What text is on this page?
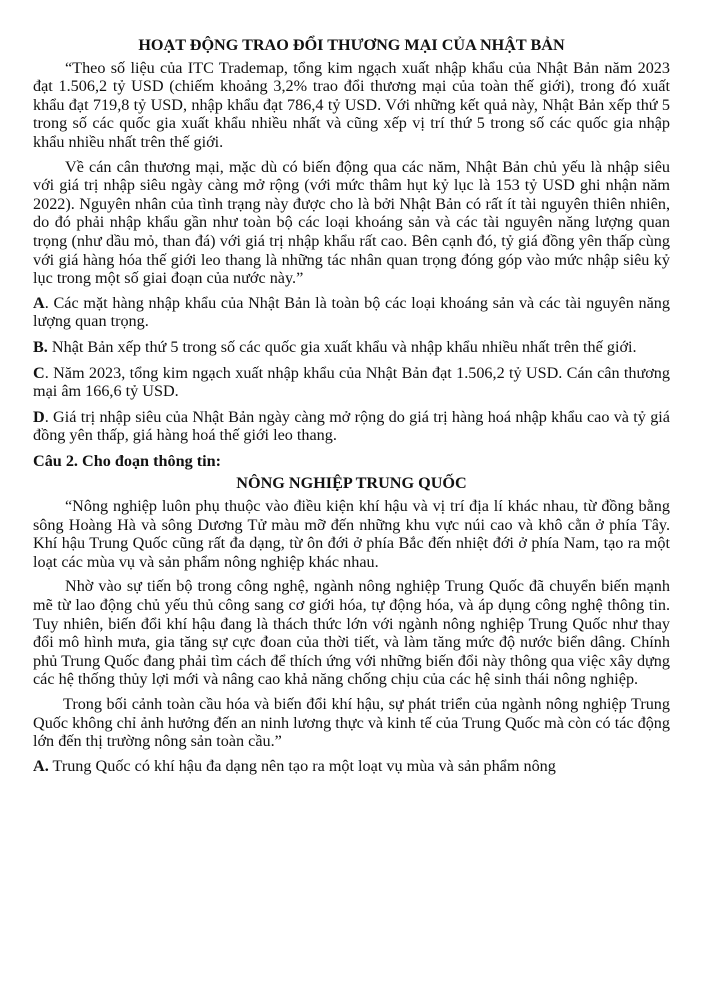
HOẠT ĐỘNG TRAO ĐỔI THƯƠNG MẠI CỦA NHẬT BẢN

“Theo số liệu của ITC Trademap, tổng kim ngạch xuất nhập khẩu của Nhật Bản năm 2023 đạt 1.506,2 tỷ USD (chiếm khoảng 3,2% trao đổi thương mại của toàn thế giới), trong đó xuất khẩu đạt 719,8 tỷ USD, nhập khẩu đạt 786,4 tỷ USD. Với những kết quả này, Nhật Bản xếp thứ 5 trong số các quốc gia xuất khẩu nhiều nhất và cũng xếp vị trí thứ 5 trong số các quốc gia nhập khẩu nhiều nhất trên thế giới.

Về cán cân thương mại, mặc dù có biến động qua các năm, Nhật Bản chủ yếu là nhập siêu với giá trị nhập siêu ngày càng mở rộng (với mức thâm hụt kỷ lục là 153 tỷ USD ghi nhận năm 2022). Nguyên nhân của tình trạng này được cho là bởi Nhật Bản có rất ít tài nguyên thiên nhiên, do đó phải nhập khẩu gần như toàn bộ các loại khoáng sản và các tài nguyên năng lượng quan trọng (như dầu mỏ, than đá) với giá trị nhập khẩu rất cao. Bên cạnh đó, tỷ giá đồng yên thấp cùng với giá hàng hóa thế giới leo thang là những tác nhân quan trọng đóng góp vào mức nhập siêu kỷ lục trong một số giai đoạn của nước này.”

A. Các mặt hàng nhập khẩu của Nhật Bản là toàn bộ các loại khoáng sản và các tài nguyên năng lượng quan trọng.

B. Nhật Bản xếp thứ 5 trong số các quốc gia xuất khẩu và nhập khẩu nhiều nhất trên thế giới.

C. Năm 2023, tổng kim ngạch xuất nhập khẩu của Nhật Bản đạt 1.506,2 tỷ USD. Cán cân thương mại âm 166,6 tỷ USD.

D. Giá trị nhập siêu của Nhật Bản ngày càng mở rộng do giá trị hàng hoá nhập khẩu cao và tỷ giá đồng yên thấp, giá hàng hoá thế giới leo thang.

Câu 2. Cho đoạn thông tin:
NÔNG NGHIỆP TRUNG QUỐC

“Nông nghiệp luôn phụ thuộc vào điều kiện khí hậu và vị trí địa lí khác nhau, từ đồng bằng sông Hoàng Hà và sông Dương Tử màu mỡ đến những khu vực núi cao và khô cằn ở phía Tây. Khí hậu Trung Quốc cũng rất đa dạng, từ ôn đới ở phía Bắc đến nhiệt đới ở phía Nam, tạo ra một loạt các mùa vụ và sản phẩm nông nghiệp khác nhau.

Nhờ vào sự tiến bộ trong công nghệ, ngành nông nghiệp Trung Quốc đã chuyển biến mạnh mẽ từ lao động chủ yếu thủ công sang cơ giới hóa, tự động hóa, và áp dụng công nghệ thông tin. Tuy nhiên, biến đổi khí hậu đang là thách thức lớn với ngành nông nghiệp Trung Quốc như thay đổi mô hình mưa, gia tăng sự cực đoan của thời tiết, và làm tăng mức độ nước biển dâng. Chính phủ Trung Quốc đang phải tìm cách để thích ứng với những biến đổi này thông qua việc xây dựng các hệ thống thủy lợi mới và nâng cao khả năng chống chịu của các hệ sinh thái nông nghiệp.

Trong bối cảnh toàn cầu hóa và biến đổi khí hậu, sự phát triển của ngành nông nghiệp Trung Quốc không chỉ ảnh hưởng đến an ninh lương thực và kinh tế của Trung Quốc mà còn có tác động lớn đến thị trường nông sản toàn cầu.”

A. Trung Quốc có khí hậu đa dạng nên tạo ra một loạt vụ mùa và sản phẩm nông
